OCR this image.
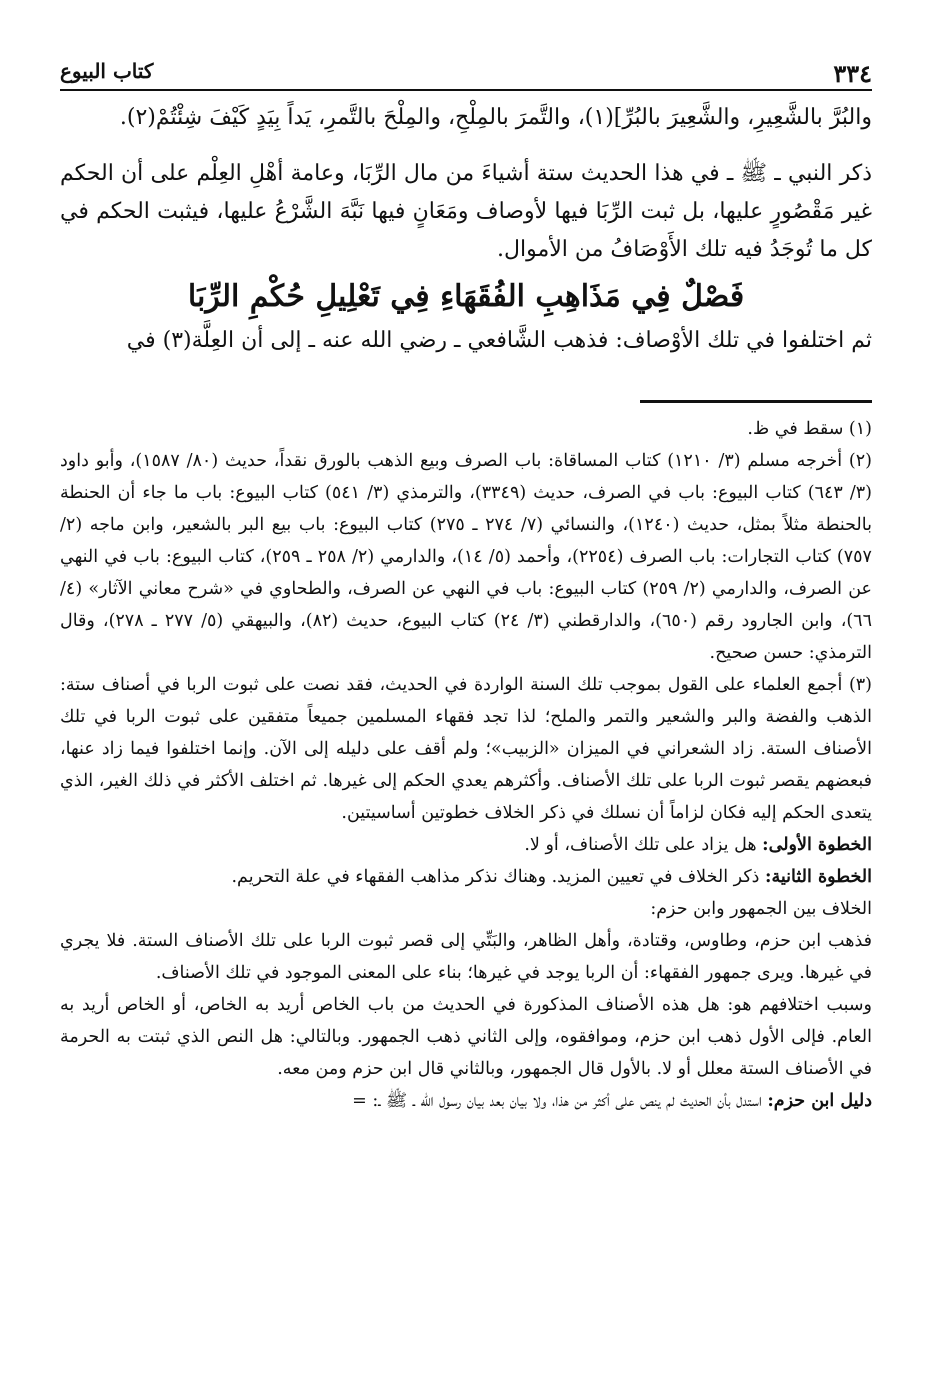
٣٣٤
كتاب البيوع

والبُرَّ بالشَّعِيرِ، والشَّعِيرَ بالبُرِّ](١)، والتَّمرَ بالمِلْحِ، والمِلْحَ بالتَّمرِ، يَداً بِيَدٍ كَيْفَ شِئْتُمْ(٢).

ذكر النبي ـ ﷺ ـ في هذا الحديث ستة أشياءَ من مال الرِّبَا، وعامة أهْلِ العِلْم على أن الحكم غير مَقْصُورٍ عليها، بل ثبت الرِّبَا فيها لأوصاف ومَعَانٍ فيها نَبَّهَ الشَّرْعُ عليها، فيثبت الحكم في كل ما تُوجَدُ فيه تلك الأَوْصَافُ من الأموال.

فَصْلٌ فِي مَذَاهِبِ الفُقَهَاءِ فِي تَعْلِيلِ حُكْمِ الرِّبَا

ثم اختلفوا في تلك الأوْصاف: فذهب الشَّافعي ـ رضي الله عنه ـ إلى أن العِلَّة(٣) في

(١) سقط في ظ.

(٢) أخرجه مسلم (٣/ ١٢١٠) كتاب المساقاة: باب الصرف وبيع الذهب بالورق نقداً، حديث (٨٠/ ١٥٨٧)، وأبو داود (٣/ ٦٤٣) كتاب البيوع: باب في الصرف، حديث (٣٣٤٩)، والترمذي (٣/ ٥٤١) كتاب البيوع: باب ما جاء أن الحنطة بالحنطة مثلاً بمثل، حديث (١٢٤٠)، والنسائي (٧/ ٢٧٤ ـ ٢٧٥) كتاب البيوع: باب بيع البر بالشعير، وابن ماجه (٢/ ٧٥٧) كتاب التجارات: باب الصرف (٢٢٥٤)، وأحمد (٥/ ١٤)، والدارمي (٢/ ٢٥٨ ـ ٢٥٩)، كتاب البيوع: باب في النهي عن الصرف، والدارمي (٢/ ٢٥٩) كتاب البيوع: باب في النهي عن الصرف، والطحاوي في «شرح معاني الآثار» (٤/ ٦٦)، وابن الجارود رقم (٦٥٠)، والدارقطني (٣/ ٢٤) كتاب البيوع، حديث (٨٢)، والبيهقي (٥/ ٢٧٧ ـ ٢٧٨)، وقال الترمذي: حسن صحيح.

(٣) أجمع العلماء على القول بموجب تلك السنة الواردة في الحديث، فقد نصت على ثبوت الربا في أصناف ستة: الذهب والفضة والبر والشعير والتمر والملح؛ لذا تجد فقهاء المسلمين جميعاً متفقين على ثبوت الربا في تلك الأصناف الستة. زاد الشعراني في الميزان «الزبيب»؛ ولم أقف على دليله إلى الآن. وإنما اختلفوا فيما زاد عنها، فبعضهم يقصر ثبوت الربا على تلك الأصناف. وأكثرهم يعدي الحكم إلى غيرها. ثم اختلف الأكثر في ذلك الغير، الذي يتعدى الحكم إليه فكان لزاماً أن نسلك في ذكر الخلاف خطوتين أساسيتين.

الخطوة الأولى: هل يزاد على تلك الأصناف، أو لا.

الخطوة الثانية: ذكر الخلاف في تعيين المزيد. وهناك نذكر مذاهب الفقهاء في علة التحريم.

الخلاف بين الجمهور وابن حزم:

فذهب ابن حزم، وطاوس، وقتادة، وأهل الظاهر، والبَتِّي إلى قصر ثبوت الربا على تلك الأصناف الستة. فلا يجري في غيرها. ويرى جمهور الفقهاء: أن الربا يوجد في غيرها؛ بناء على المعنى الموجود في تلك الأصناف.

وسبب اختلافهم هو: هل هذه الأصناف المذكورة في الحديث من باب الخاص أريد به الخاص، أو الخاص أريد به العام. فإلى الأول ذهب ابن حزم، وموافقوه، وإلى الثاني ذهب الجمهور. وبالتالي: هل النص الذي ثبتت به الحرمة في الأصناف الستة معلل أو لا. بالأول قال الجمهور، وبالثاني قال ابن حزم ومن معه.

دليل ابن حزم: استدل بأن الحديث لم ينص على أكثر من هذا، ولا بيان بعد بيان رسول الله ـ ﷺ ـ: =
